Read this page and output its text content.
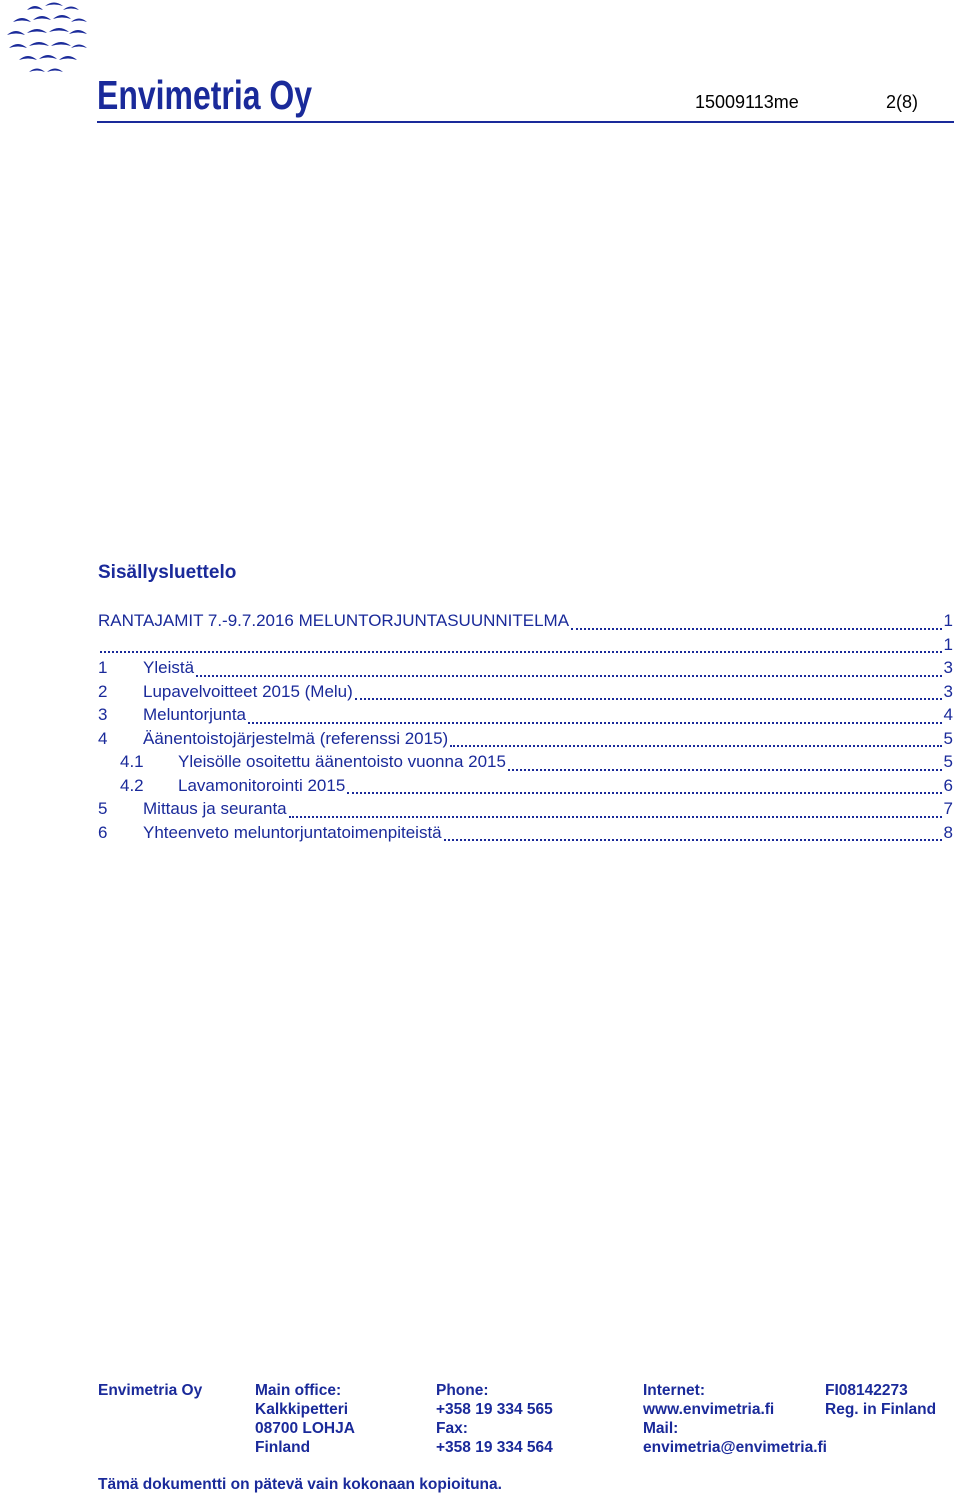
Envimetria Oy	15009113me	2(8)
Sisällysluettelo
RANTAJAMIT 7.-9.7.2016 MELUNTORJUNTASUUNNITELMA	1
1
1	Yleistä	3
2	Lupavelvoitteet 2015 (Melu)	3
3	Meluntorjunta	4
4	Äänentoistojärjestelmä (referenssi 2015)	5
4.1	Yleisölle osoitettu äänentoisto vuonna 2015	5
4.2	Lavamonitorointi 2015	6
5	Mittaus ja seuranta	7
6	Yhteenveto meluntorjuntatoimenpiteistä	8
Envimetria Oy	Main office:
Kalkkipetteri
08700 LOHJA
Finland
Phone:
+358 19 334 565
Fax:
+358 19 334 564
Internet:
www.envimetria.fi
Mail:
envimetria@envimetria.fi
FI08142273
Reg. in Finland
Tämä dokumentti on pätevä vain kokonaan kopioituna.
